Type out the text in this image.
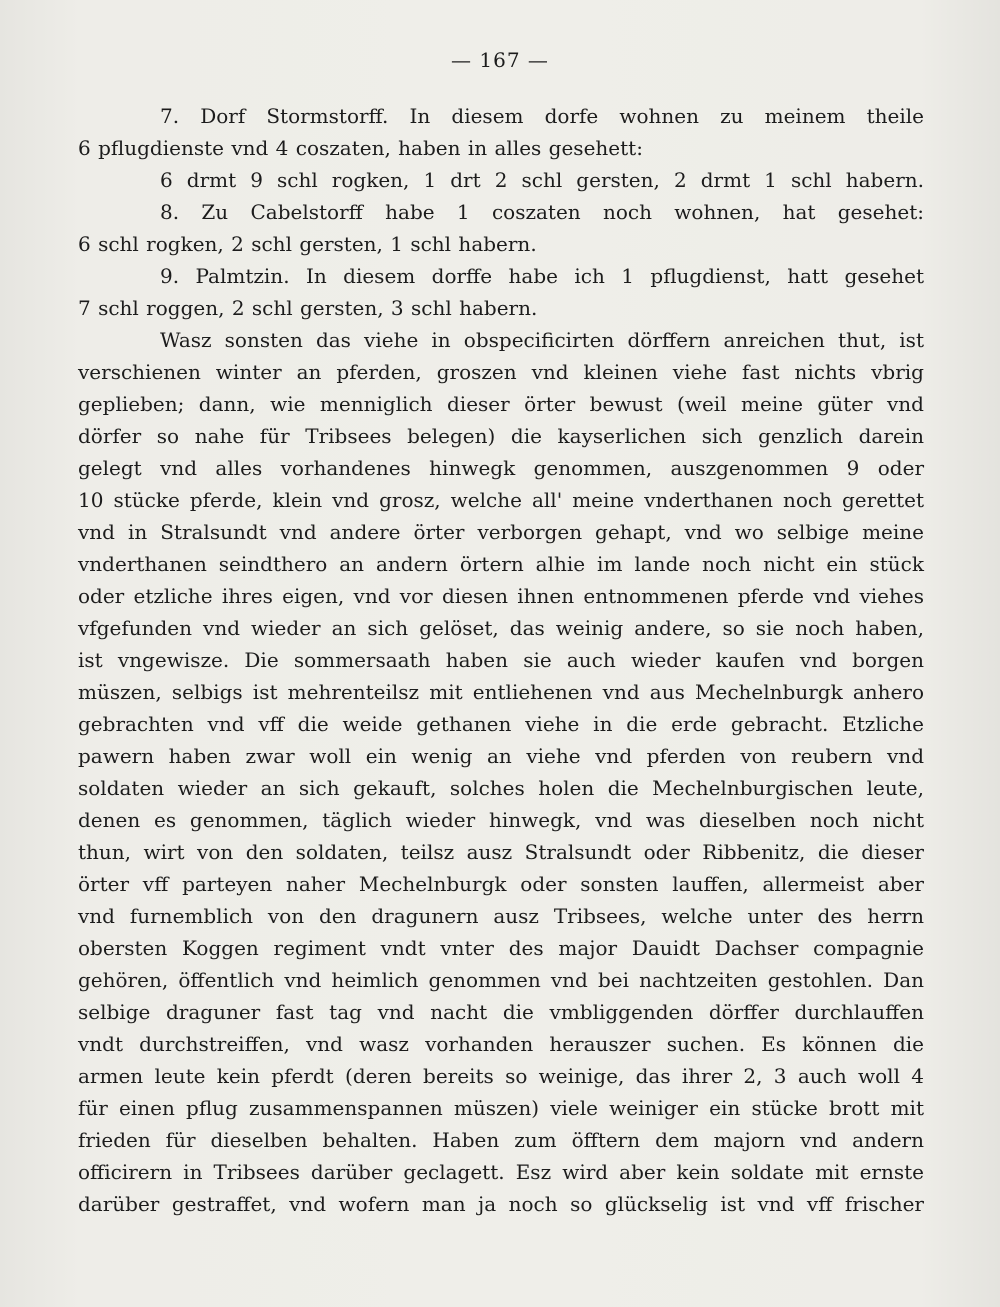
— 167 —
7. Dorf Stormstorff. In diesem dorfe wohnen zu meinem theile
6 pflugdienste vnd 4 coszaten, haben in alles gesehett:
6 drmt 9 schl rogken, 1 drt 2 schl gersten, 2 drmt 1 schl habern.
8. Zu Cabelstorff habe 1 coszaten noch wohnen, hat gesehet:
6 schl rogken, 2 schl gersten, 1 schl habern.
9. Palmtzin. In diesem dorffe habe ich 1 pflugdienst, hatt gesehet
7 schl roggen, 2 schl gersten, 3 schl habern.
Wasz sonsten das viehe in obspecificirten dörffern anreichen thut, ist
verschienen winter an pferden, groszen vnd kleinen viehe fast nichts vbrig
geplieben; dann, wie menniglich dieser örter bewust (weil meine güter vnd
dörfer so nahe für Tribsees belegen) die kayserlichen sich genzlich darein
gelegt vnd alles vorhandenes hinwegk genommen, auszgenommen 9 oder
10 stücke pferde, klein vnd grosz, welche all' meine vnderthanen noch gerettet
vnd in Stralsundt vnd andere örter verborgen gehapt, vnd wo selbige meine
vnderthanen seindthero an andern örtern alhie im lande noch nicht ein stück
oder etzliche ihres eigen, vnd vor diesen ihnen entnommenen pferde vnd viehes
vfgefunden vnd wieder an sich gelöset, das weinig andere, so sie noch haben,
ist vngewisze. Die sommersaath haben sie auch wieder kaufen vnd borgen
müszen, selbigs ist mehrenteilsz mit entliehenen vnd aus Mechelnburgk anhero
gebrachten vnd vff die weide gethanen viehe in die erde gebracht. Etzliche
pawern haben zwar woll ein wenig an viehe vnd pferden von reubern vnd
soldaten wieder an sich gekauft, solches holen die Mechelnburgischen leute,
denen es genommen, täglich wieder hinwegk, vnd was dieselben noch nicht
thun, wirt von den soldaten, teilsz ausz Stralsundt oder Ribbenitz, die dieser
örter vff parteyen naher Mechelnburgk oder sonsten lauffen, allermeist aber
vnd furnemblich von den dragunern ausz Tribsees, welche unter des herrn
obersten Koggen regiment vndt vnter des major Dauidt Dachser compagnie
gehören, öffentlich vnd heimlich genommen vnd bei nachtzeiten gestohlen. Dan
selbige draguner fast tag vnd nacht die vmbliggenden dörffer durchlauffen
vndt durchstreiffen, vnd wasz vorhanden herauszer suchen. Es können die
armen leute kein pferdt (deren bereits so weinige, das ihrer 2, 3 auch woll 4
für einen pflug zusammenspannen müszen) viele weiniger ein stücke brott mit
frieden für dieselben behalten. Haben zum öfftern dem majorn vnd andern
officirern in Tribsees darüber geclagett. Esz wird aber kein soldate mit ernste
darüber gestraffet, vnd wofern man ja noch so glückselig ist vnd vff frischer
